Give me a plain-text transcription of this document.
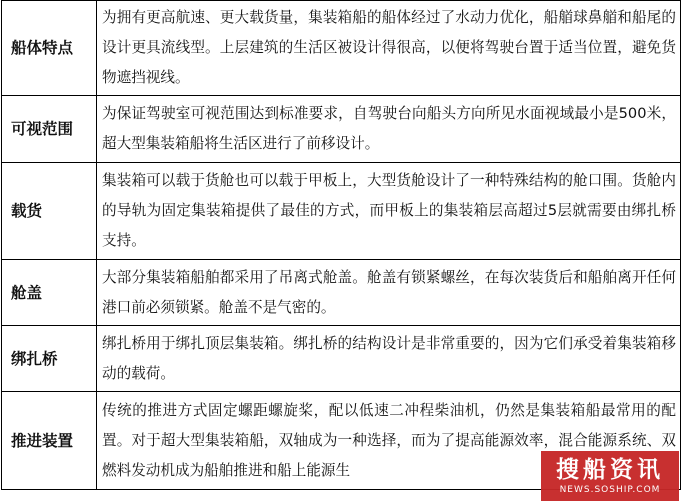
船体特点	为拥有更高航速、更大载货量，集装箱船的船体经过了水动力优化，船艏球鼻艏和船尾的设计更具流线型。上层建筑的生活区被设计得很高，以便将驾驶台置于适当位置，避免货物遮挡视线。
可视范围	为保证驾驶室可视范围达到标准要求，自驾驶台向船头方向所见水面视域最小是500米，超大型集装箱船将生活区进行了前移设计。
载货	集装箱可以载于货舱也可以载于甲板上，大型货舱设计了一种特殊结构的舱口围。货舱内的导轨为固定集装箱提供了最佳的方式，而甲板上的集装箱层高超过5层就需要由绑扎桥支持。
舱盖	大部分集装箱船舶都采用了吊离式舱盖。舱盖有锁紧螺丝，在每次装货后和船舶离开任何港口前必须锁紧。舱盖不是气密的。
绑扎桥	绑扎桥用于绑扎顶层集装箱。绑扎桥的结构设计是非常重要的，因为它们承受着集装箱移动的载荷。
推进装置	传统的推进方式固定螺距螺旋桨，配以低速二冲程柴油机，仍然是集装箱船最常用的配置。对于超大型集装箱船，双轴成为一种选择，而为了提高能源效率，混合能源系统、双燃料发动机成为船舶推进和船上能源生	搜船资讯
NEWS.SOSHIP.COM
